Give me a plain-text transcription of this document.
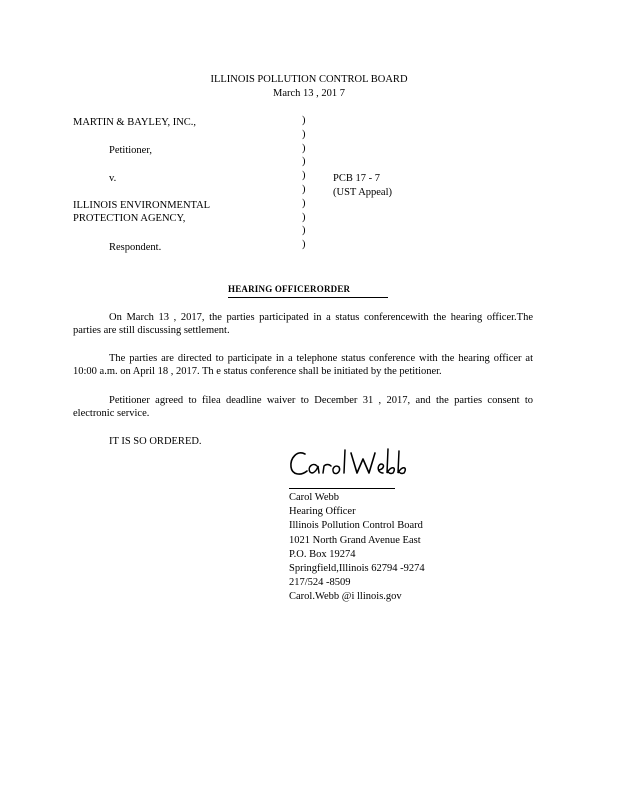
ILLINOIS POLLUTION CONTROL BOARD
March 13 , 201 7
MARTIN & BAYLEY, INC.,
Petitioner,
v.
ILLINOIS ENVIRONMENTAL
PROTECTION AGENCY,
Respondent.
)
)
)
)
)
)
)
)
)
)
PCB 17 - 7
(UST Appeal)
HEARING OFFICERORDER
On March 13 , 2017, the parties participated in a status conferencewith the hearing officer.The parties are still discussing settlement.
The parties are directed to participate in a telephone status conference with the hearing officer at 10:00 a.m. on April 18 , 2017. Th e status conference shall be initiated by the petitioner.
Petitioner agreed to filea deadline waiver to December 31 , 2017, and the parties consent to electronic service.
IT IS SO ORDERED.
Carol Webb
Hearing Officer
Illinois Pollution Control Board
1021 North Grand Avenue East
P.O. Box 19274
Springfield,Illinois 62794 -9274
217/524 -8509
Carol.Webb @i llinois.gov
